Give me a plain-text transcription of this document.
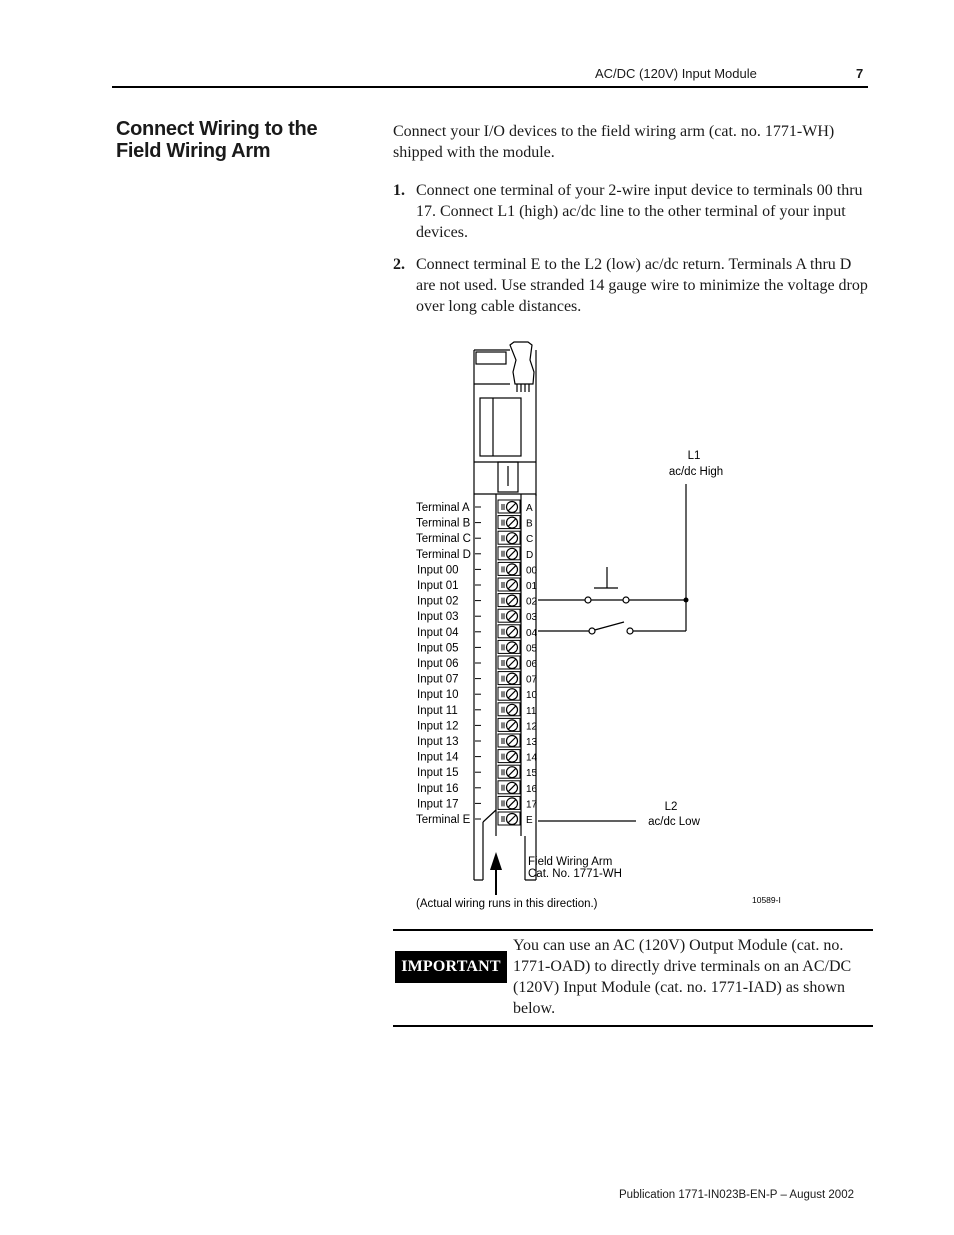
AC/DC (120V) Input Module	7
Connect Wiring to the Field Wiring Arm
Connect your I/O devices to the field wiring arm (cat. no. 1771-WH) shipped with the module.
1. Connect one terminal of your 2-wire input device to terminals 00 thru 17. Connect L1 (high) ac/dc line to the other terminal of your input devices.
2. Connect terminal E to the L2 (low) ac/dc return. Terminals A thru D are not used. Use stranded 14 gauge wire to minimize the voltage drop over long cable distances.
L1
ac/dc High
L2
ac/dc Low
Field Wiring Arm
Cat. No. 1771-WH
(Actual wiring runs in this direction.)	10589-I
Terminal A	A
Terminal B	B
Terminal C	C
Terminal D	D
Input 00	00
Input 01	01
Input 02	02
Input 03	03
Input 04	04
Input 05	05
Input 06	06
Input 07	07
Input 10	10
Input 11	11
Input 12	12
Input 13	13
Input 14	14
Input 15	15
Input 16	16
Input 17	17
Terminal E	E
IMPORTANT
You can use an AC (120V) Output Module (cat. no. 1771-OAD) to directly drive terminals on an AC/DC (120V) Input Module (cat. no. 1771-IAD) as shown below.
Publication 1771-IN023B-EN-P – August 2002
